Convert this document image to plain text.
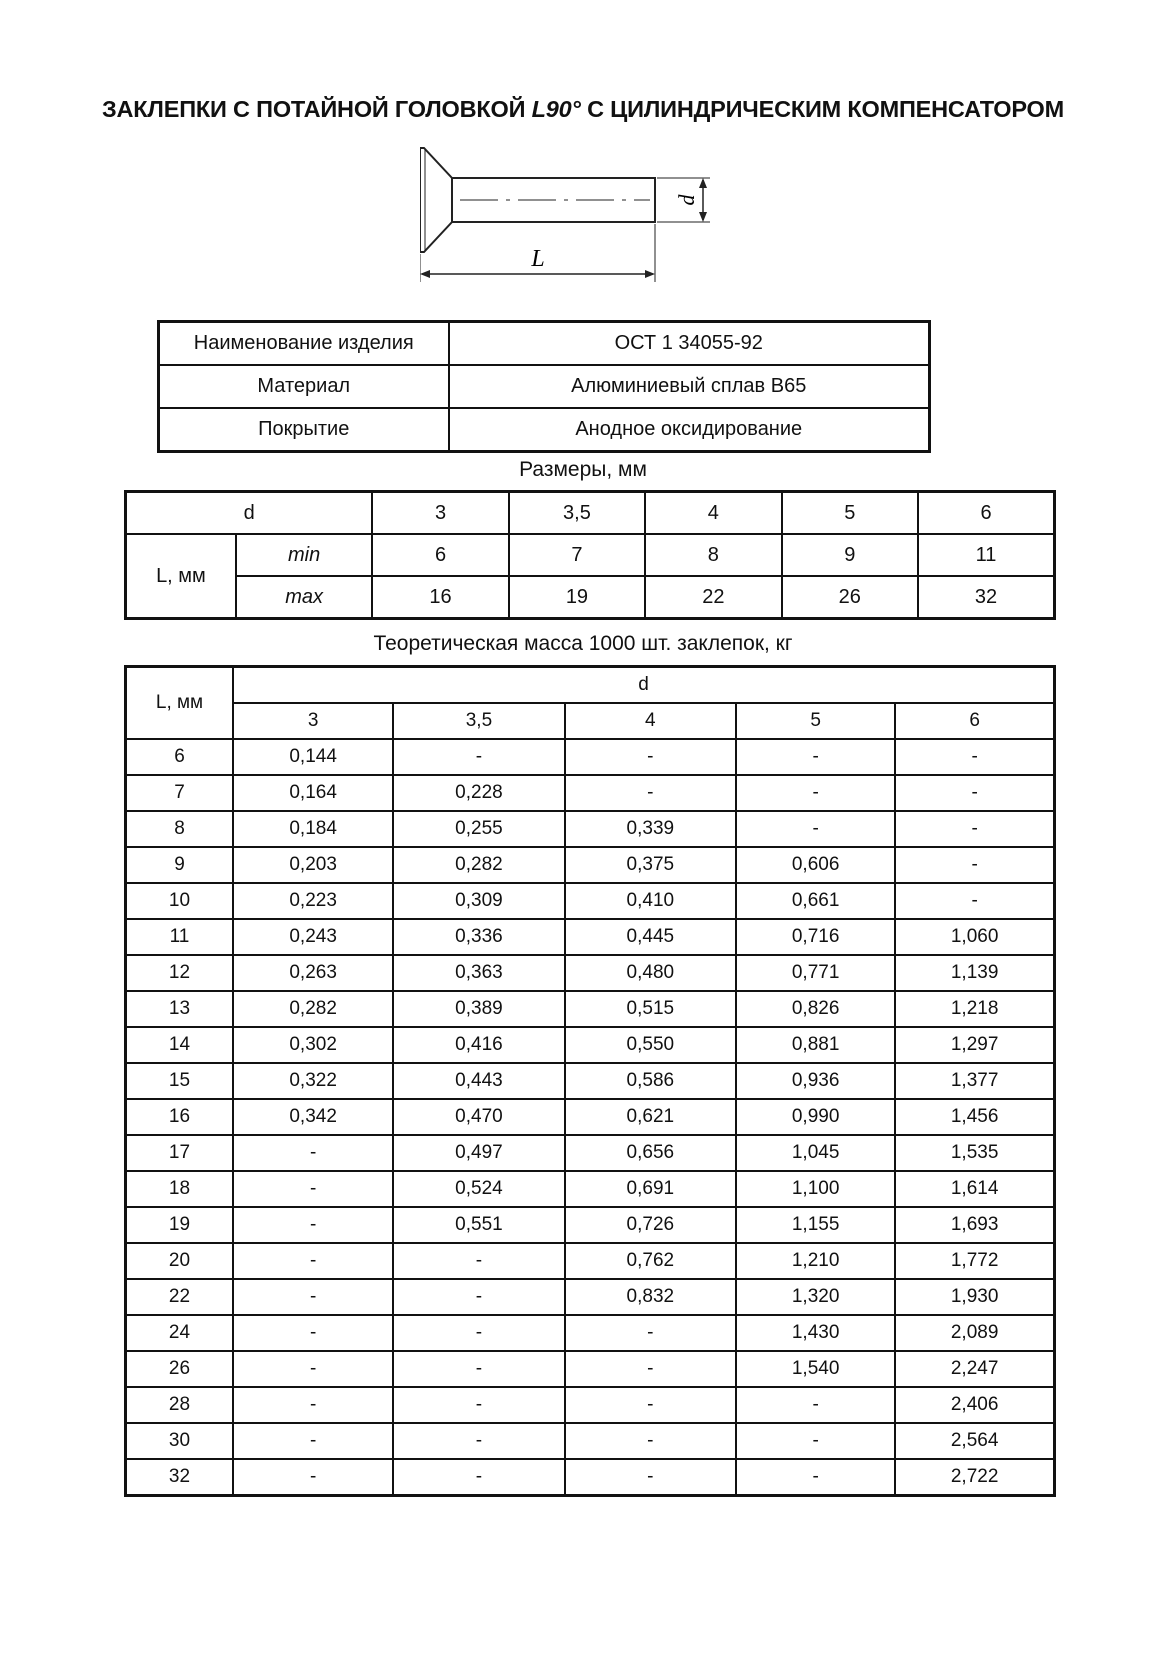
ЗАКЛЕПКИ С ПОТАЙНОЙ ГОЛОВКОЙ L90° С ЦИЛИНДРИЧЕСКИМ КОМПЕНСАТОРОМ
d
L
Наименование изделия	ОСТ 1 34055-92
Материал	Алюминиевый сплав В65
Покрытие	Анодное оксидирование
Размеры, мм
d		3	3,5	4	5	6
L, мм	min	6	7	8	9	11
	max	16	19	22	26	32
Теоретическая масса 1000 шт. заклепок, кг
L, мм	d				
	3	3,5	4	5	6
6	0,144	-	-	-	-
7	0,164	0,228	-	-	-
8	0,184	0,255	0,339	-	-
9	0,203	0,282	0,375	0,606	-
10	0,223	0,309	0,410	0,661	-
11	0,243	0,336	0,445	0,716	1,060
12	0,263	0,363	0,480	0,771	1,139
13	0,282	0,389	0,515	0,826	1,218
14	0,302	0,416	0,550	0,881	1,297
15	0,322	0,443	0,586	0,936	1,377
16	0,342	0,470	0,621	0,990	1,456
17	-	0,497	0,656	1,045	1,535
18	-	0,524	0,691	1,100	1,614
19	-	0,551	0,726	1,155	1,693
20	-	-	0,762	1,210	1,772
22	-	-	0,832	1,320	1,930
24	-	-	-	1,430	2,089
26	-	-	-	1,540	2,247
28	-	-	-	-	2,406
30	-	-	-	-	2,564
32	-	-	-	-	2,722
